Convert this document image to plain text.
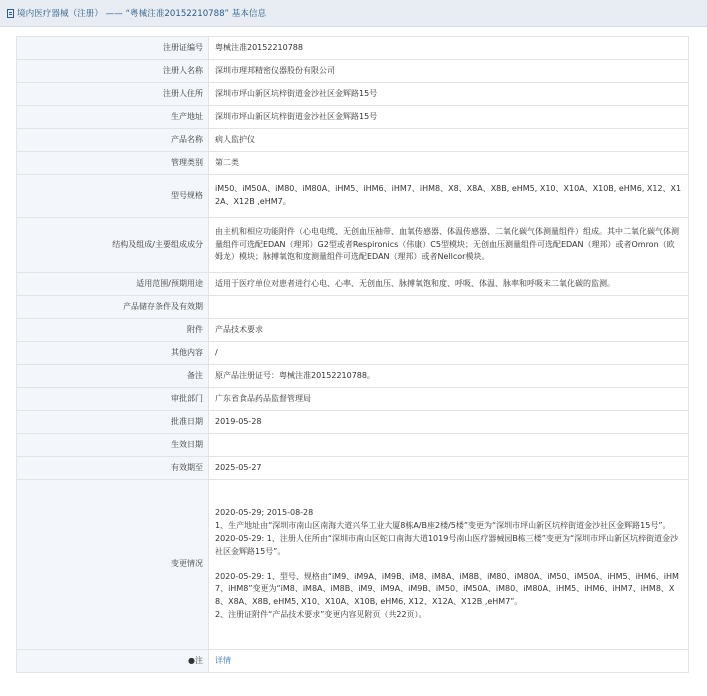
境内医疗器械（注册） —— “粤械注准20152210788” 基本信息
注册证编号	粤械注准20152210788
注册人名称	深圳市理邦精密仪器股份有限公司
注册人住所	深圳市坪山新区坑梓街道金沙社区金辉路15号
生产地址	深圳市坪山新区坑梓街道金沙社区金辉路15号
产品名称	病人监护仪
管理类别	第二类
型号规格	iM50、iM50A、iM80、iM80A、iHM5、iHM6、iHM7、iHM8、X8、X8A、X8B, eHM5, X10、X10A、X10B, eHM6, X12、X12A、X12B ,eHM7。
结构及组成/主要组成成分	由主机和相应功能附件（心电电缆、无创血压袖带、血氧传感器、体温传感器、二氧化碳气体测量组件）组成。其中二氧化碳气体测量组件可选配EDAN（理邦）G2型或者Respironics（伟康）C5型模块；无创血压测量组件可选配EDAN（理邦）或者Omron（欧姆龙）模块；脉搏氧饱和度测量组件可选配EDAN（理邦）或者Nellcor模块。
适用范围/预期用途	适用于医疗单位对患者进行心电、心率、无创血压、脉搏氧饱和度、呼吸、体温、脉率和呼吸末二氧化碳的监测。
产品储存条件及有效期	
附件	产品技术要求
其他内容	/
备注	原产品注册证号：粤械注准20152210788。
审批部门	广东省食品药品监督管理局
批准日期	2019-05-28
生效日期	
有效期至	2025-05-27
变更情况	2020-05-29; 2015-08-28
1、生产地址由“深圳市南山区南海大道兴华工业大厦8栋A/B座2楼/5楼”变更为“深圳市坪山新区坑梓街道金沙社区金辉路15号”。
2020-05-29: 1、注册人住所由“深圳市南山区蛇口南海大道1019号南山医疗器械园B栋三楼”变更为“深圳市坪山新区坑梓街道金沙社区金辉路15号”。
2020-05-29: 1、型号、规格由“iM9、iM9A、iM9B、iM8、iM8A、iM8B、iM80、iM80A、iM50、iM50A、iHM5、iHM6、iHM7、iHM8”变更为“iM8、iM8A、iM8B、iM9、iM9A、iM9B、iM50、iM50A、iM80、iM80A、iHM5、iHM6、iHM7、iHM8、X8、X8A、X8B, eHM5, X10、X10A、X10B, eHM6, X12、X12A、X12B ,eHM7”。
2、注册证附件“产品技术要求”变更内容见附页（共22页）。

●注	详情
